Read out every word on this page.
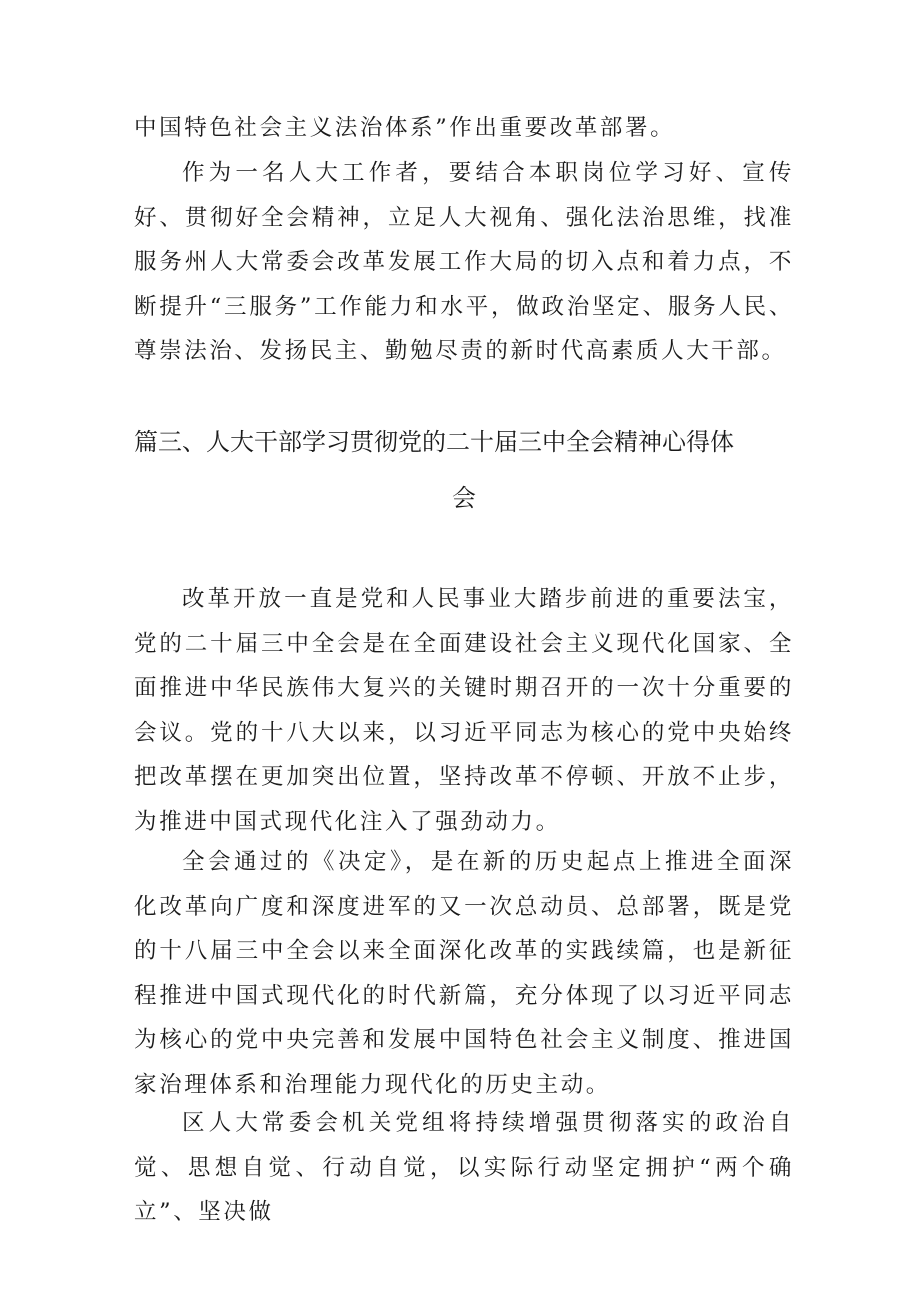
中国特色社会主义法治体系”作出重要改革部署。

作为一名人大工作者，要结合本职岗位学习好、宣传好、贯彻好全会精神，立足人大视角、强化法治思维，找准服务州人大常委会改革发展工作大局的切入点和着力点，不断提升“三服务”工作能力和水平，做政治坚定、服务人民、尊崇法治、发扬民主、勤勉尽责的新时代高素质人大干部。

篇三、人大干部学习贯彻党的二十届三中全会精神心得体
会

改革开放一直是党和人民事业大踏步前进的重要法宝，党的二十届三中全会是在全面建设社会主义现代化国家、全面推进中华民族伟大复兴的关键时期召开的一次十分重要的会议。党的十八大以来，以习近平同志为核心的党中央始终把改革摆在更加突出位置，坚持改革不停顿、开放不止步，为推进中国式现代化注入了强劲动力。

全会通过的《决定》，是在新的历史起点上推进全面深化改革向广度和深度进军的又一次总动员、总部署，既是党的十八届三中全会以来全面深化改革的实践续篇，也是新征程推进中国式现代化的时代新篇，充分体现了以习近平同志为核心的党中央完善和发展中国特色社会主义制度、推进国家治理体系和治理能力现代化的历史主动。

区人大常委会机关党组将持续增强贯彻落实的政治自觉、思想自觉、行动自觉，以实际行动坚定拥护“两个确立”、坚决做
